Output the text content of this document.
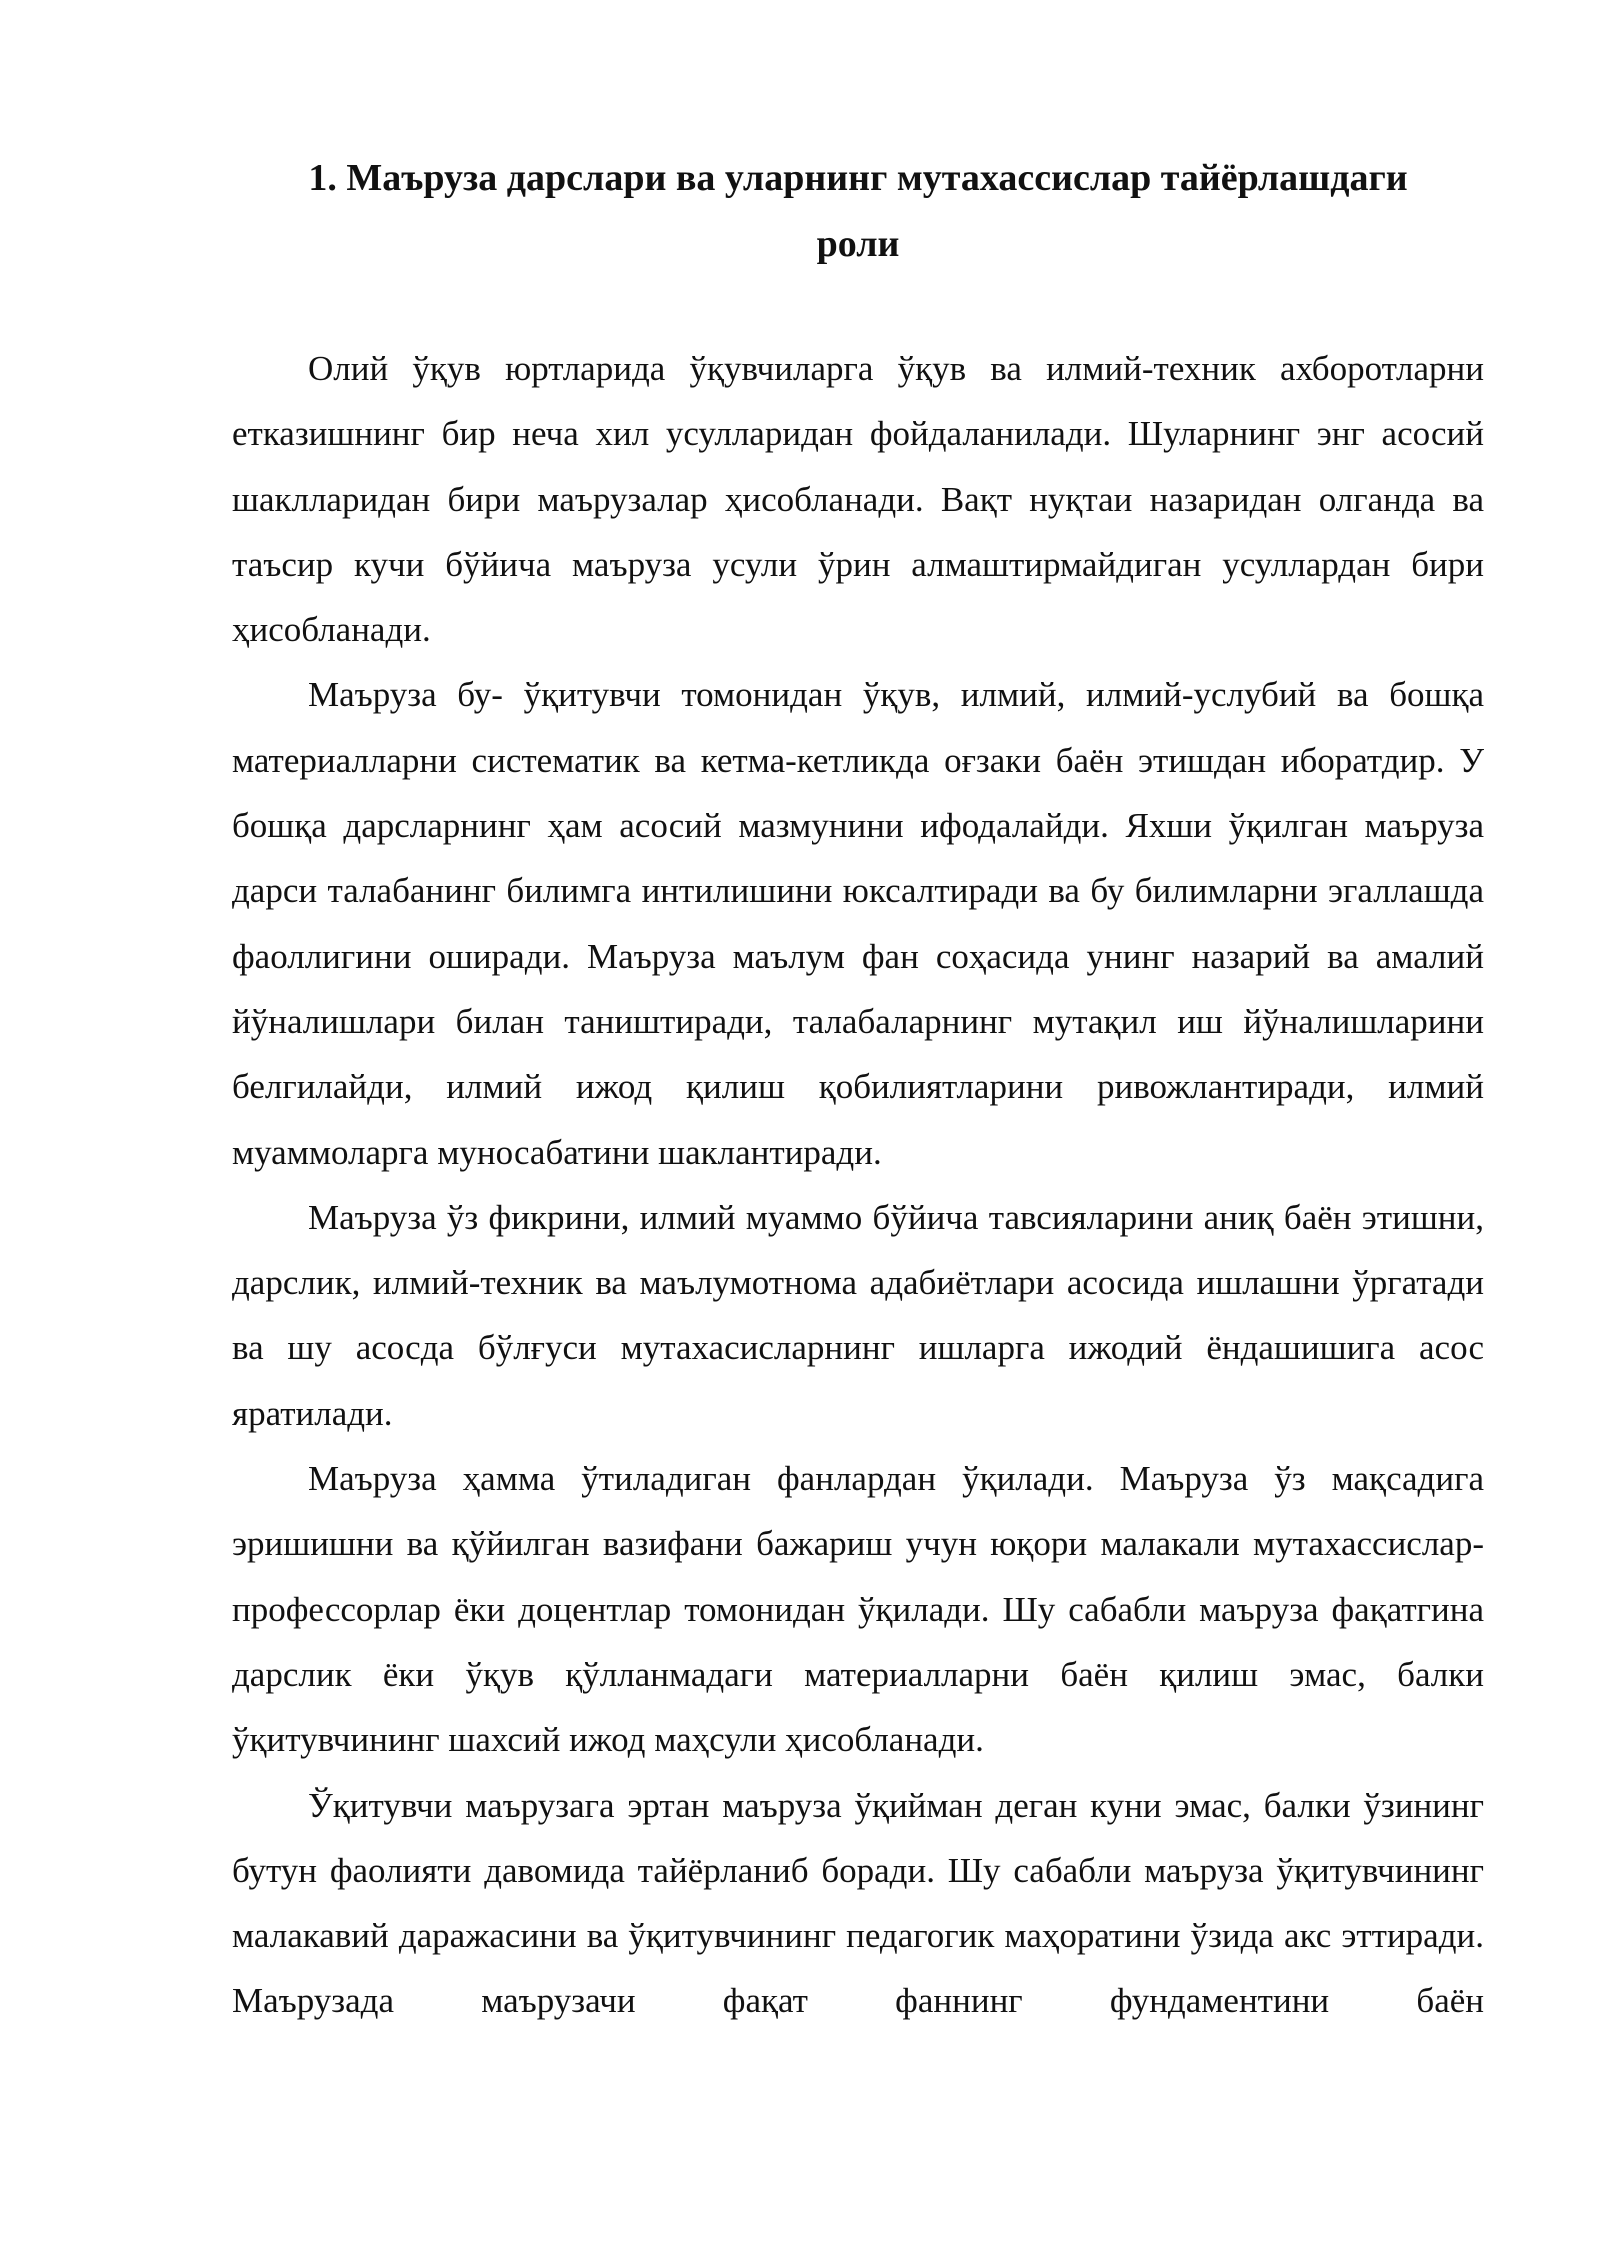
1. Маъруза дарслари ва уларнинг мутахассислар тайёрлашдаги
роли

Олий ўқув юртларида ўқувчиларга ўқув ва илмий-техник ахборотларни етказишнинг бир неча хил усулларидан фойдаланилади. Шуларнинг энг асосий шаклларидан бири маърузалар ҳисобланади. Вақт нуқтаи назаридан олганда ва таъсир кучи бўйича маъруза усули ўрин алмаштирмайдиган усуллардан бири ҳисобланади.

Маъруза бу- ўқитувчи томонидан ўқув, илмий, илмий-услубий ва бошқа материалларни систематик ва кетма-кетликда оғзаки баён этишдан иборатдир. У бошқа дарсларнинг ҳам асосий мазмунини ифодалайди. Яхши ўқилган маъруза дарси талабанинг билимга интилишини юксалтиради ва бу билимларни эгаллашда фаоллигини оширади. Маъруза маълум фан соҳасида унинг назарий ва амалий йўналишлари билан таништиради, талабаларнинг мутақил иш йўналишларини белгилайди, илмий ижод қилиш қобилиятларини ривожлантиради, илмий муаммоларга муносабатини шаклантиради.

Маъруза ўз фикрини, илмий муаммо бўйича тавсияларини аниқ баён этишни, дарслик, илмий-техник ва маълумотнома адабиётлари асосида ишлашни ўргатади ва шу асосда бўлғуси мутахасисларнинг ишларга ижодий ёндашишига асос яратилади.

Маъруза ҳамма ўтиладиган фанлардан ўқилади. Маъруза ўз мақсадига эришишни ва қўйилган вазифани бажариш учун юқори малакали мутахассислар-профессорлар ёки доцентлар томонидан ўқилади. Шу сабабли маъруза фақатгина дарслик ёки ўқув қўлланмадаги материалларни баён қилиш эмас, балки ўқитувчининг шахсий ижод маҳсули ҳисобланади.

Ўқитувчи маърузага эртан маъруза ўқийман деган куни эмас, балки ўзининг бутун фаолияти давомида тайёрланиб боради. Шу сабабли маъруза ўқитувчининг малакавий даражасини ва ўқитувчининг педагогик маҳоратини ўзида акс эттиради. Маърузада маърузачи фақат фаннинг фундаментини баён
